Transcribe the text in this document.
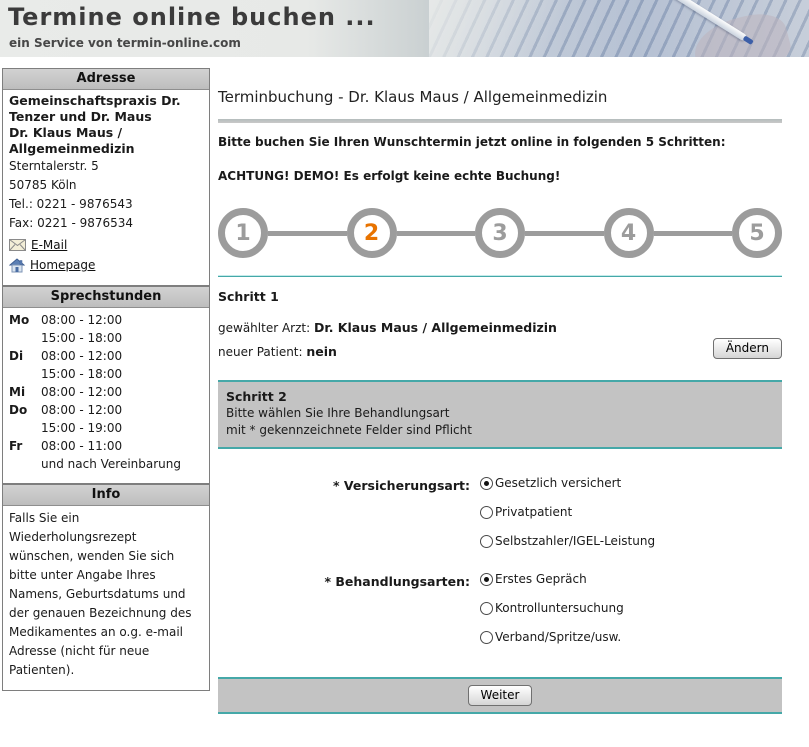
Termine online buchen ...
ein Service von termin-online.com
Adresse
Gemeinschaftspraxis Dr. Tenzer und Dr. Maus
Dr. Klaus Maus / Allgemeinmedizin
Sterntalerstr. 5
50785 Köln
Tel.: 0221 - 9876543
Fax: 0221 - 9876534
E-Mail
Homepage
Sprechstunden
Mo 08:00 - 12:00
15:00 - 18:00
Di	08:00 - 12:00
15:00 - 18:00
Mi	08:00 - 12:00
Do	08:00 - 12:00
15:00 - 19:00
Fr	08:00 - 11:00
und nach Vereinbarung
Info
Falls Sie ein Wiederholungsrezept wünschen, wenden Sie sich bitte unter Angabe Ihres Namens, Geburtsdatums und der genauen Bezeichnung des Medikamentes an o.g. e-mail Adresse (nicht für neue Patienten).
Terminbuchung - Dr. Klaus Maus / Allgemeinmedizin

Bitte buchen Sie Ihren Wunschtermin jetzt online in folgenden 5 Schritten:

ACHTUNG! DEMO! Es erfolgt keine echte Buchung!

1	2	3	4	5
Schritt 1
gewählter Arzt: Dr. Klaus Maus / Allgemeinmedizin
neuer Patient: nein	Ändern
Schritt 2
Bitte wählen Sie Ihre Behandlungsart
mit * gekennzeichnete Felder sind Pflicht
* Versicherungsart: Gesetzlich versichert
Privatpatient
Selbstzahler/IGEL-Leistung
* Behandlungsarten: Erstes Gepräch
Kontrolluntersuchung
Verband/Spritze/usw.
Weiter
